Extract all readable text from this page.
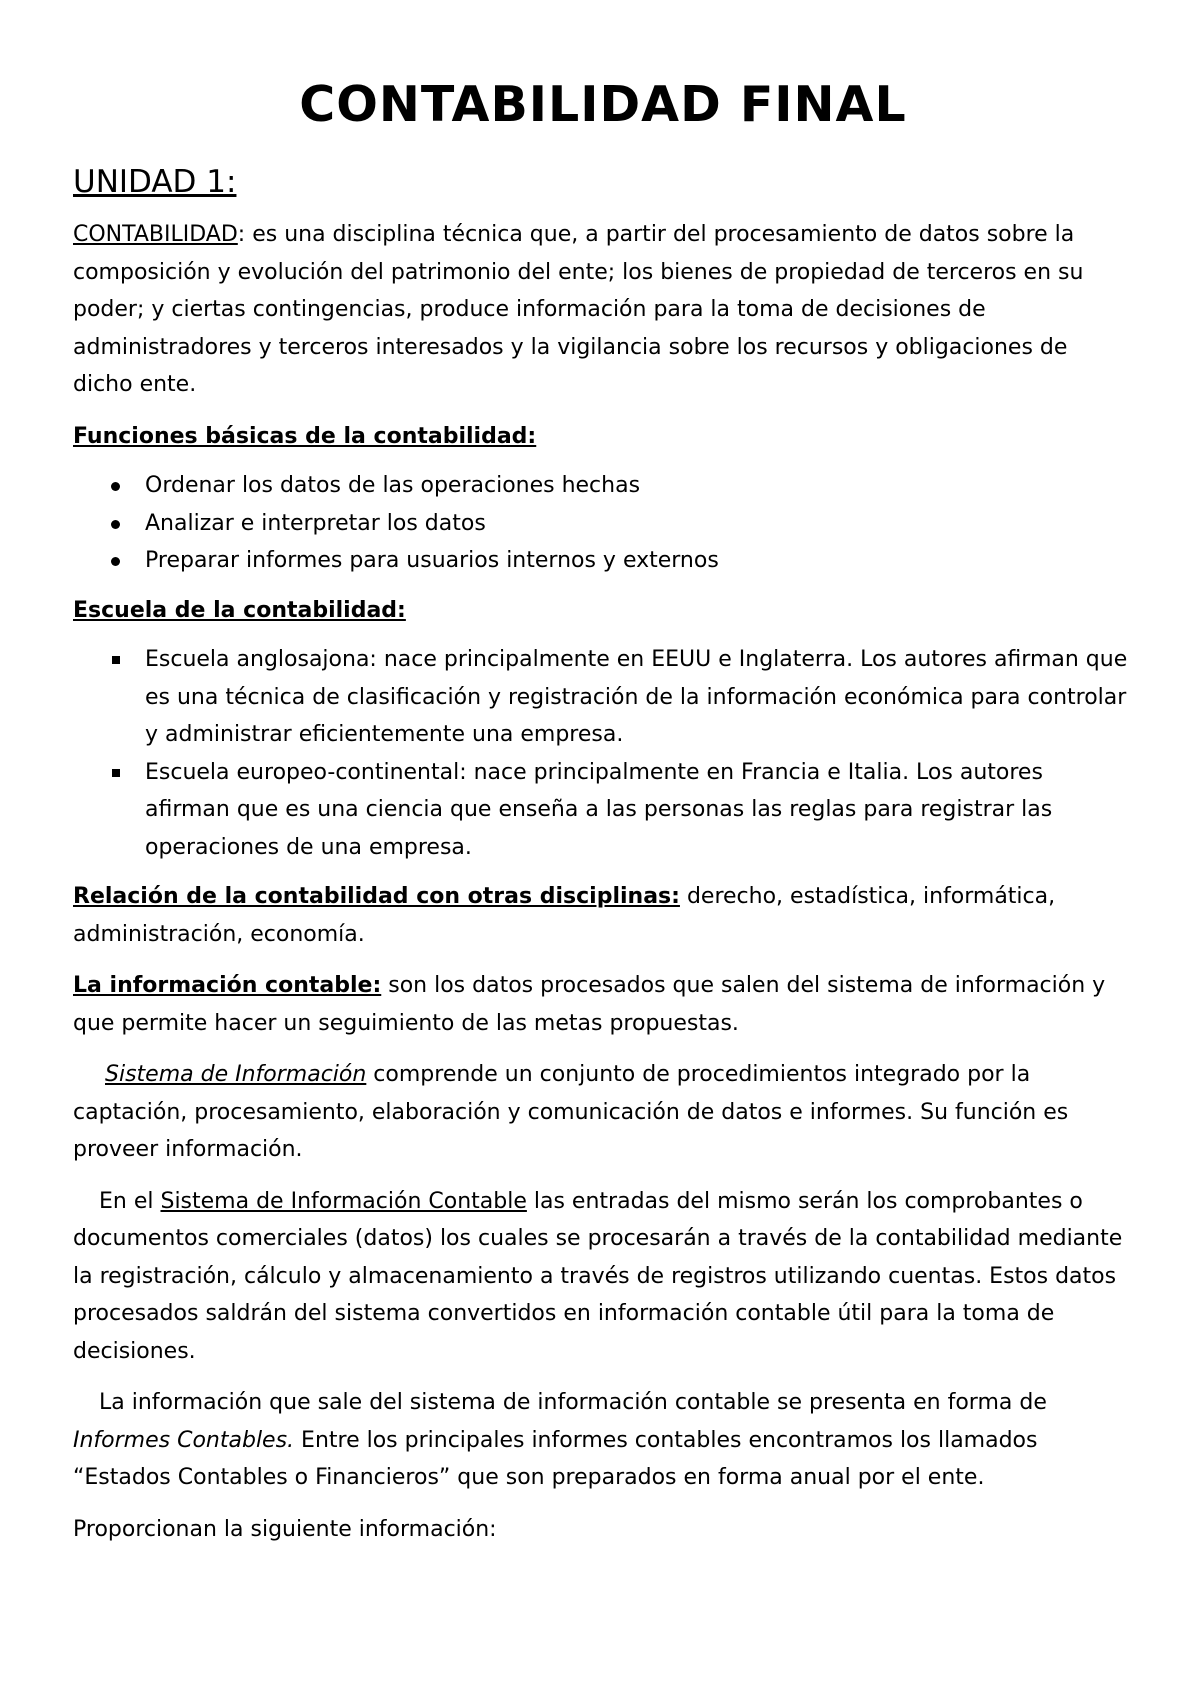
CONTABILIDAD FINAL
UNIDAD 1:

CONTABILIDAD: es una disciplina técnica que, a partir del procesamiento de datos sobre la composición y evolución del patrimonio del ente; los bienes de propiedad de terceros en su poder; y ciertas contingencias, produce información para la toma de decisiones de administradores y terceros interesados y la vigilancia sobre los recursos y obligaciones de dicho ente.

Funciones básicas de la contabilidad:
Ordenar los datos de las operaciones hechas
Analizar e interpretar los datos
Preparar informes para usuarios internos y externos
Escuela de la contabilidad:
Escuela anglosajona: nace principalmente en EEUU e Inglaterra. Los autores afirman que es una técnica de clasificación y registración de la información económica para controlar y administrar eficientemente una empresa.
Escuela europeo-continental: nace principalmente en Francia e Italia. Los autores afirman que es una ciencia que enseña a las personas las reglas para registrar las operaciones de una empresa.

Relación de la contabilidad con otras disciplinas: derecho, estadística, informática, administración, economía.

La información contable: son los datos procesados que salen del sistema de información y que permite hacer un seguimiento de las metas propuestas.

Sistema de Información comprende un conjunto de procedimientos integrado por la captación, procesamiento, elaboración y comunicación de datos e informes. Su función es proveer información.

En el Sistema de Información Contable las entradas del mismo serán los comprobantes o documentos comerciales (datos) los cuales se procesarán a través de la contabilidad mediante la registración, cálculo y almacenamiento a través de registros utilizando cuentas. Estos datos procesados saldrán del sistema convertidos en información contable útil para la toma de decisiones.

La información que sale del sistema de información contable se presenta en forma de Informes Contables. Entre los principales informes contables encontramos los llamados “Estados Contables o Financieros” que son preparados en forma anual por el ente.

Proporcionan la siguiente información:
